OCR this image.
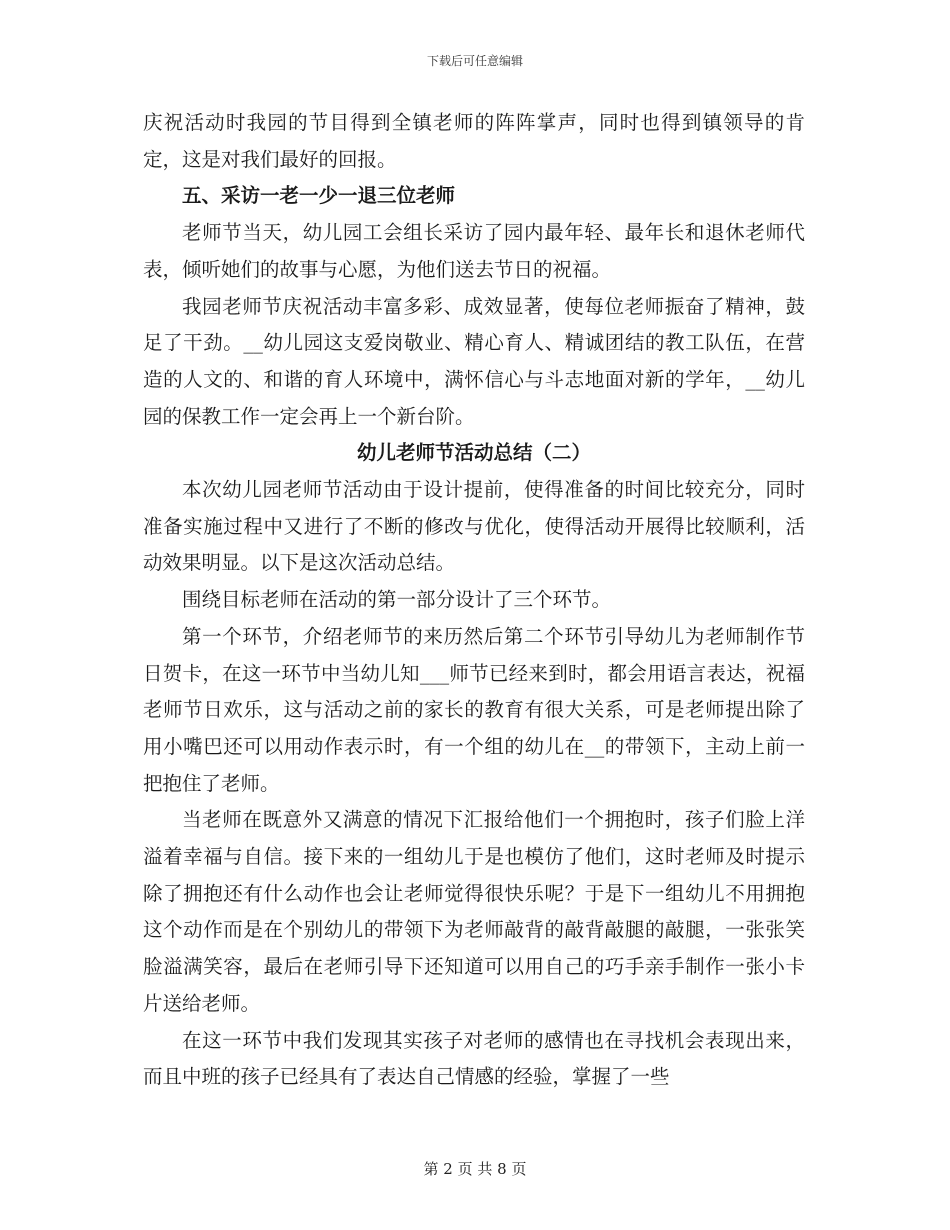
下载后可任意编辑

庆祝活动时我园的节目得到全镇老师的阵阵掌声，同时也得到镇领导的肯定，这是对我们最好的回报。

五、采访一老一少一退三位老师

老师节当天，幼儿园工会组长采访了园内最年轻、最年长和退休老师代表，倾听她们的故事与心愿，为他们送去节日的祝福。

我园老师节庆祝活动丰富多彩、成效显著，使每位老师振奋了精神，鼓足了干劲。__幼儿园这支爱岗敬业、精心育人、精诚团结的教工队伍，在营造的人文的、和谐的育人环境中，满怀信心与斗志地面对新的学年，__幼儿园的保教工作一定会再上一个新台阶。

幼儿老师节活动总结（二）

本次幼儿园老师节活动由于设计提前，使得准备的时间比较充分，同时准备实施过程中又进行了不断的修改与优化，使得活动开展得比较顺利，活动效果明显。以下是这次活动总结。

围绕目标老师在活动的第一部分设计了三个环节。

第一个环节，介绍老师节的来历然后第二个环节引导幼儿为老师制作节日贺卡，在这一环节中当幼儿知___师节已经来到时，都会用语言表达，祝福老师节日欢乐，这与活动之前的家长的教育有很大关系，可是老师提出除了用小嘴巴还可以用动作表示时，有一个组的幼儿在__的带领下，主动上前一把抱住了老师。

当老师在既意外又满意的情况下汇报给他们一个拥抱时，孩子们脸上洋溢着幸福与自信。接下来的一组幼儿于是也模仿了他们，这时老师及时提示除了拥抱还有什么动作也会让老师觉得很快乐呢？于是下一组幼儿不用拥抱这个动作而是在个别幼儿的带领下为老师敲背的敲背敲腿的敲腿，一张张笑脸溢满笑容，最后在老师引导下还知道可以用自己的巧手亲手制作一张小卡片送给老师。

在这一环节中我们发现其实孩子对老师的感情也在寻找机会表现出来，而且中班的孩子已经具有了表达自己情感的经验，掌握了一些

第 2 页 共 8 页
